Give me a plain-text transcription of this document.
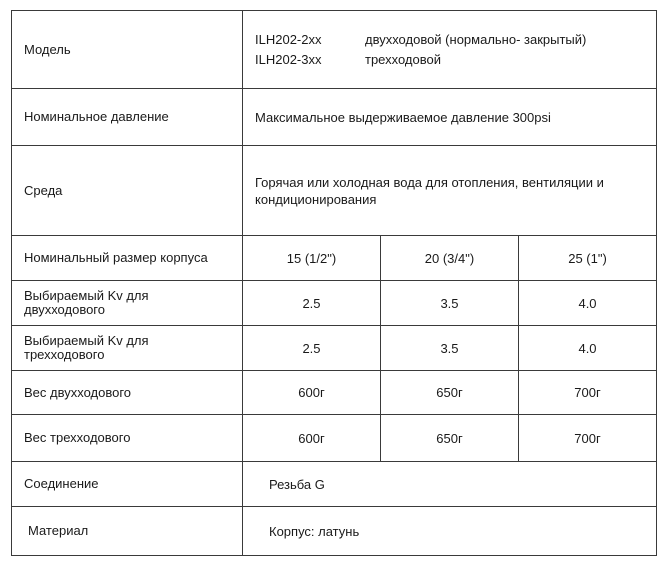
Модель	ILH202-2xx двухходовой (нормально- закрытый)
ILH202-3xx трехходовой		

Номинальное давление	Максимальное выдерживаемое давление 300psi		
Среда	Горячая или холодная вода для отопления, вентиляции и кондиционирования		
Номинальный размер корпуса	15 (1/2")	20 (3/4")	25 (1")
Выбираемый Kv для двухходового	2.5	3.5	4.0
Выбираемый Kv для трехходового	2.5	3.5	4.0
Вес двухходового	600г	650г	700г
Вес трехходового	600г	650г	700г
Соединение	Резьба G		
Материал	Корпус: латунь		
